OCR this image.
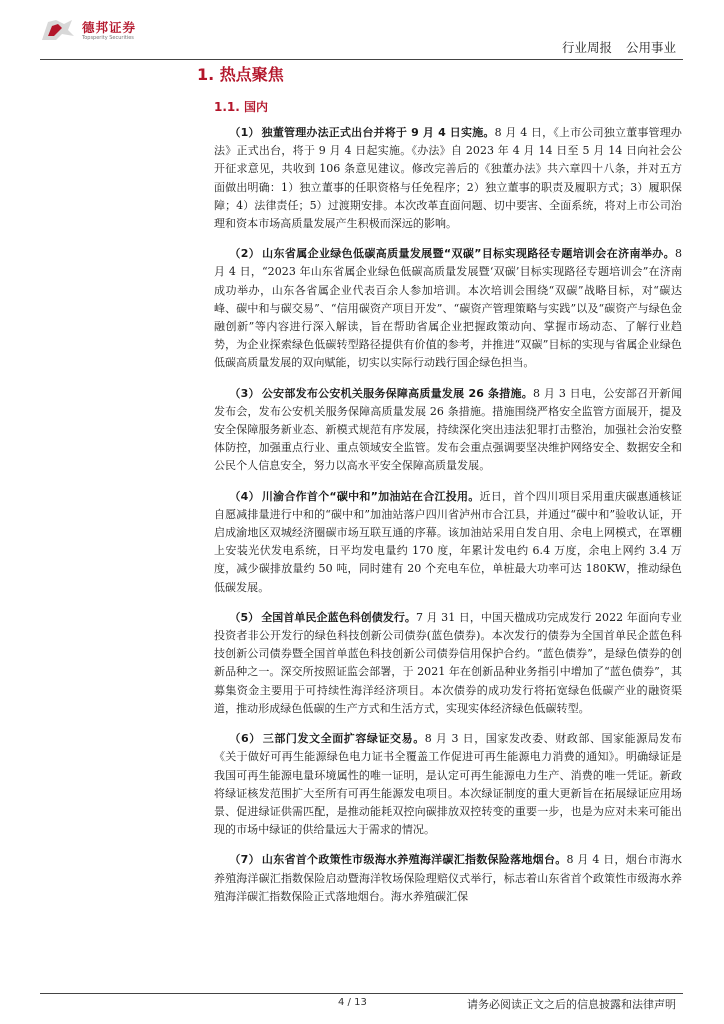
德邦证券
Topsperity Securities
行业周报 公用事业
1. 热点聚焦
1.1. 国内

（1） 独董管理办法正式出台并将于 9 月 4 日实施。8 月 4 日，《上市公司独立董事管理办法》正式出台，将于 9 月 4 日起实施。《办法》自 2023 年 4 月 14 日至 5 月 14 日向社会公开征求意见，共收到 106 条意见建议。修改完善后的《独董办法》共六章四十八条，并对五方面做出明确：1）独立董事的任职资格与任免程序；2）独立董事的职责及履职方式；3）履职保障；4）法律责任；5）过渡期安排。本次改革直面问题、切中要害、全面系统，将对上市公司治理和资本市场高质量发展产生积极而深远的影响。

（2） 山东省属企业绿色低碳高质量发展暨“双碳”目标实现路径专题培训会在济南举办。8 月 4 日，“2023 年山东省属企业绿色低碳高质量发展暨‘双碳’目标实现路径专题培训会”在济南成功举办，山东各省属企业代表百余人参加培训。本次培训会围绕“双碳”战略目标，对“碳达峰、碳中和与碳交易”、“信用碳资产项目开发”、“碳资产管理策略与实践”以及“碳资产与绿色金融创新”等内容进行深入解读，旨在帮助省属企业把握政策动向、掌握市场动态、了解行业趋势，为企业探索绿色低碳转型路径提供有价值的参考，并推进“双碳”目标的实现与省属企业绿色低碳高质量发展的双向赋能，切实以实际行动践行国企绿色担当。

（3） 公安部发布公安机关服务保障高质量发展 26 条措施。8 月 3 日电，公安部召开新闻发布会，发布公安机关服务保障高质量发展 26 条措施。措施围绕严格安全监管方面展开，提及安全保障服务新业态、新模式规范有序发展，持续深化突出违法犯罪打击整治，加强社会治安整体防控，加强重点行业、重点领域安全监管。发布会重点强调要坚决维护网络安全、数据安全和公民个人信息安全，努力以高水平安全保障高质量发展。

（4） 川渝合作首个“碳中和”加油站在合江投用。近日，首个四川项目采用重庆碳惠通核证自愿减排量进行中和的“碳中和”加油站落户四川省泸州市合江县，并通过“碳中和”验收认证，开启成渝地区双城经济圈碳市场互联互通的序幕。该加油站采用自发自用、余电上网模式，在罩棚上安装光伏发电系统，日平均发电量约 170 度，年累计发电约 6.4 万度，余电上网约 3.4 万度，减少碳排放量约 50 吨，同时建有 20 个充电车位，单桩最大功率可达 180KW，推动绿色低碳发展。

（5） 全国首单民企蓝色科创债发行。7 月 31 日，中国天楹成功完成发行 2022 年面向专业投资者非公开发行的绿色科技创新公司债券(蓝色债券)。本次发行的债券为全国首单民企蓝色科技创新公司债券暨全国首单蓝色科技创新公司债券信用保护合约。“蓝色债券”，是绿色债券的创新品种之一。深交所按照证监会部署，于 2021 年在创新品种业务指引中增加了“蓝色债券”，其募集资金主要用于可持续性海洋经济项目。本次债券的成功发行将拓宽绿色低碳产业的融资渠道，推动形成绿色低碳的生产方式和生活方式，实现实体经济绿色低碳转型。

（6） 三部门发文全面扩容绿证交易。8 月 3 日，国家发改委、财政部、国家能源局发布《关于做好可再生能源绿色电力证书全覆盖工作促进可再生能源电力消费的通知》。明确绿证是我国可再生能源电量环境属性的唯一证明，是认定可再生能源电力生产、消费的唯一凭证。新政将绿证核发范围扩大至所有可再生能源发电项目。本次绿证制度的重大更新旨在拓展绿证应用场景、促进绿证供需匹配，是推动能耗双控向碳排放双控转变的重要一步，也是为应对未来可能出现的市场中绿证的供给量远大于需求的情况。

（7） 山东省首个政策性市级海水养殖海洋碳汇指数保险落地烟台。8 月 4 日，烟台市海水养殖海洋碳汇指数保险启动暨海洋牧场保险理赔仪式举行，标志着山东省首个政策性市级海水养殖海洋碳汇指数保险正式落地烟台。海水养殖碳汇保

4 / 13	请务必阅读正文之后的信息披露和法律声明
